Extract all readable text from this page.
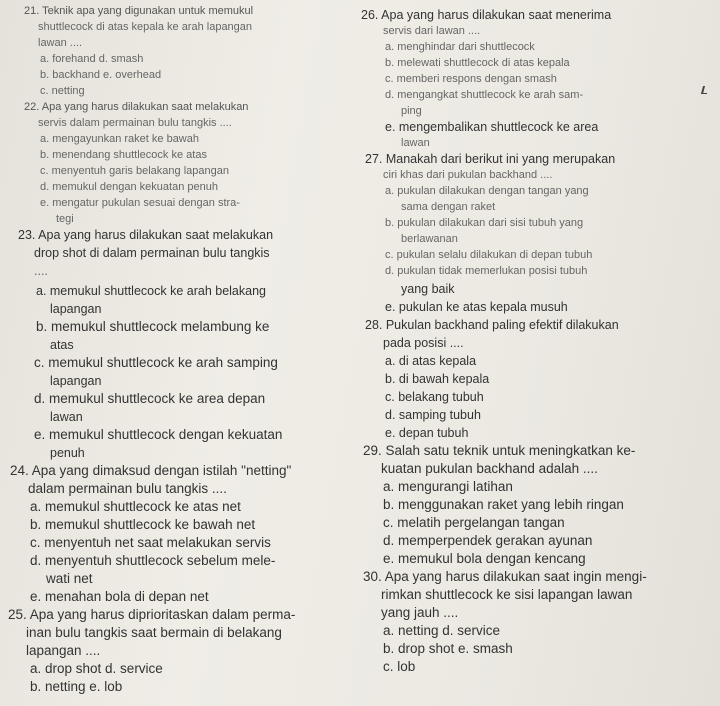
21. Teknik apa yang digunakan untuk memukul
shuttlecock di atas kepala ke arah lapangan
lawan ....
a. forehand d. smash
b. backhand e. overhead
c. netting
22. Apa yang harus dilakukan saat melakukan
servis dalam permainan bulu tangkis ....
a. mengayunkan raket ke bawah
b. menendang shuttlecock ke atas
c. menyentuh garis belakang lapangan
d. memukul dengan kekuatan penuh
e. mengatur pukulan sesuai dengan stra-
tegi
23. Apa yang harus dilakukan saat melakukan
drop shot di dalam permainan bulu tangkis
....
a. memukul shuttlecock ke arah belakang
lapangan
b. memukul shuttlecock melambung ke
atas
c. memukul shuttlecock ke arah samping
lapangan
d. memukul shuttlecock ke area depan
lawan
e. memukul shuttlecock dengan kekuatan
penuh
24. Apa yang dimaksud dengan istilah "netting"
dalam permainan bulu tangkis ....
a. memukul shuttlecock ke atas net
b. memukul shuttlecock ke bawah net
c. menyentuh net saat melakukan servis
d. menyentuh shuttlecock sebelum mele-
wati net
e. menahan bola di depan net
25. Apa yang harus diprioritaskan dalam perma-
inan bulu tangkis saat bermain di belakang
lapangan ....
a. drop shot d. service
b. netting e. lob
26. Apa yang harus dilakukan saat menerima
servis dari lawan ....
a. menghindar dari shuttlecock
b. melewati shuttlecock di atas kepala
c. memberi respons dengan smash
d. mengangkat shuttlecock ke arah sam-
ping
e. mengembalikan shuttlecock ke area
lawan
27. Manakah dari berikut ini yang merupakan
ciri khas dari pukulan backhand ....
a. pukulan dilakukan dengan tangan yang
sama dengan raket
b. pukulan dilakukan dari sisi tubuh yang
berlawanan
c. pukulan selalu dilakukan di depan tubuh
d. pukulan tidak memerlukan posisi tubuh
yang baik
e. pukulan ke atas kepala musuh
28. Pukulan backhand paling efektif dilakukan
pada posisi ....
a. di atas kepala
b. di bawah kepala
c. belakang tubuh
d. samping tubuh
e. depan tubuh
29. Salah satu teknik untuk meningkatkan ke-
kuatan pukulan backhand adalah ....
a. mengurangi latihan
b. menggunakan raket yang lebih ringan
c. melatih pergelangan tangan
d. memperpendek gerakan ayunan
e. memukul bola dengan kencang
30. Apa yang harus dilakukan saat ingin mengi-
rimkan shuttlecock ke sisi lapangan lawan
yang jauh ....
a. netting d. service
b. drop shot e. smash
c. lob
